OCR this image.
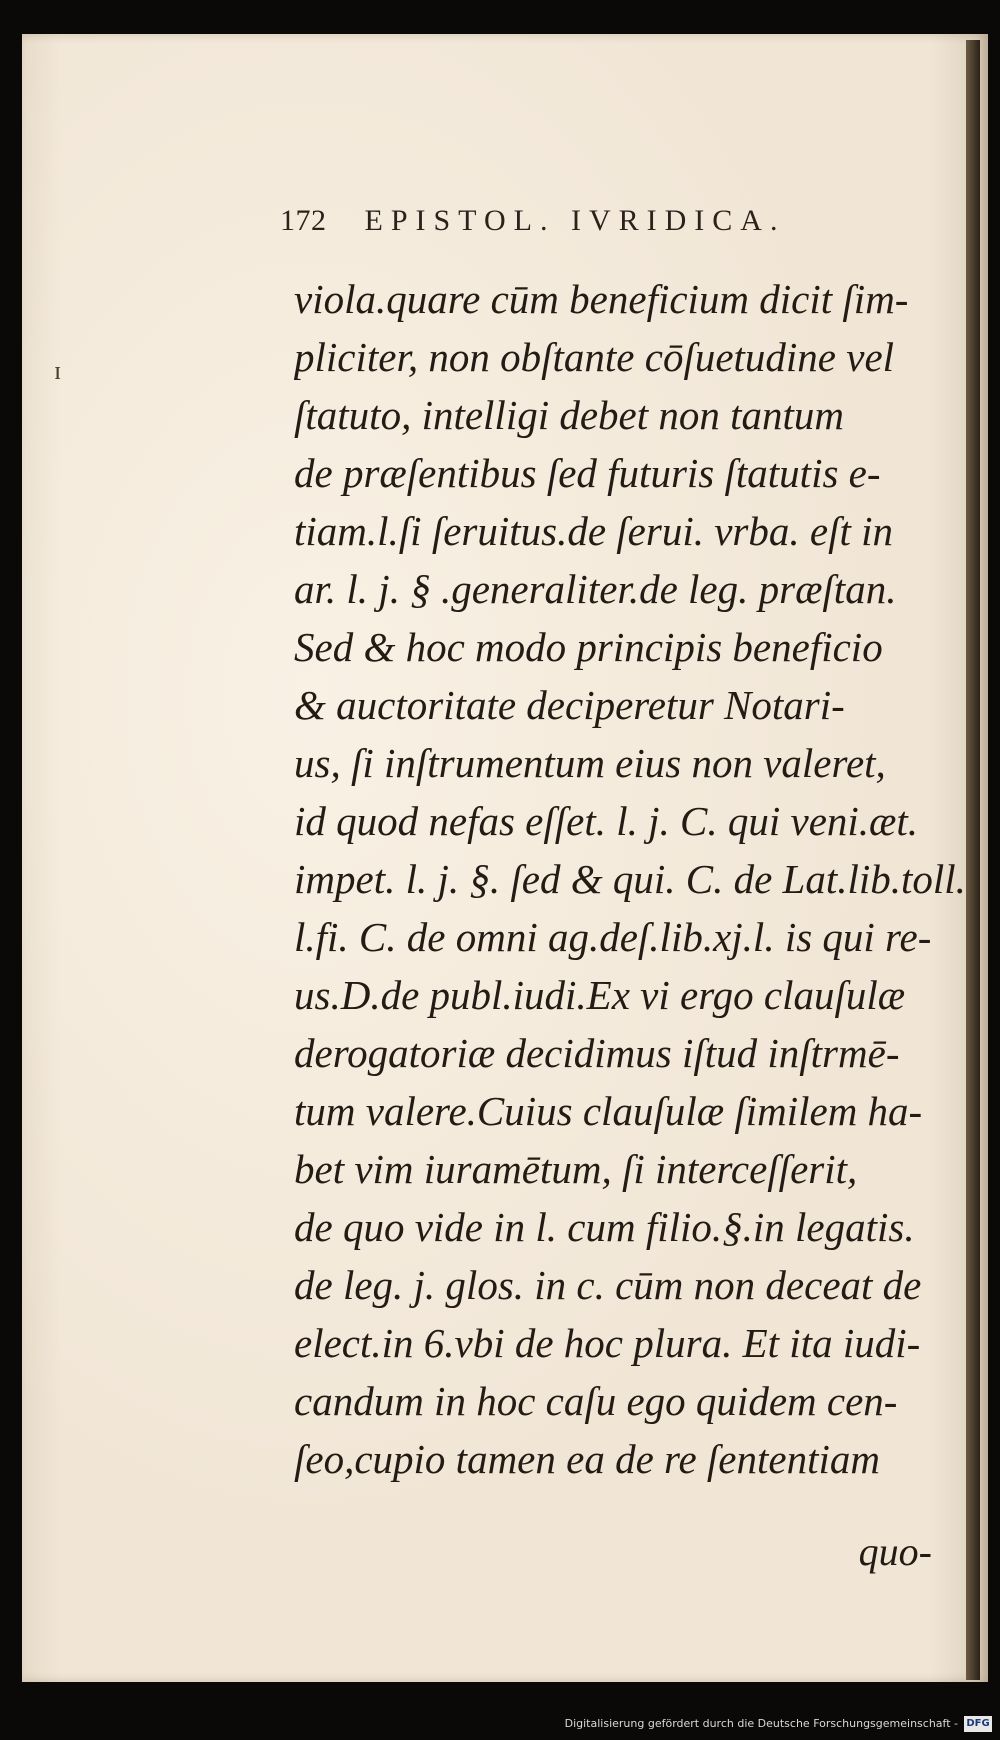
ɪ
172 EPISTOL. IVRIDICA.
viola.quare cūm beneficium dicit ſim-
pliciter, non obſtante cōſuetudine vel
ſtatuto, intelligi debet non tantum
de præſentibus ſed futuris ſtatutis e-
tiam.l.ſi ſeruitus.de ſerui. vrba. eſt in
ar. l. j. § .generaliter.de leg. præſtan.
Sed & hoc modo principis beneficio
& auctoritate deciperetur Notari-
us, ſi inſtrumentum eius non valeret,
id quod nefas eſſet. l. j. C. qui veni.æt.
impet. l. j. §. ſed & qui. C. de Lat.lib.toll.
l.fi. C. de omni ag.deſ.lib.xj.l. is qui re-
us.D.de publ.iudi.Ex vi ergo clauſulæ
derogatoriæ decidimus iſtud inſtrmē-
tum valere.Cuius clauſulæ ſimilem ha-
bet vim iuramētum, ſi interceſſerit,
de quo vide in l. cum filio.§.in legatis.
de leg. j. glos. in c. cūm non deceat de
elect.in 6.vbi de hoc plura. Et ita iudi-
candum in hoc caſu ego quidem cen-
ſeo,cupio tamen ea de re ſententiam
quo-
Digitalisierung gefördert durch die Deutsche Forschungsgemeinschaft - DFG
